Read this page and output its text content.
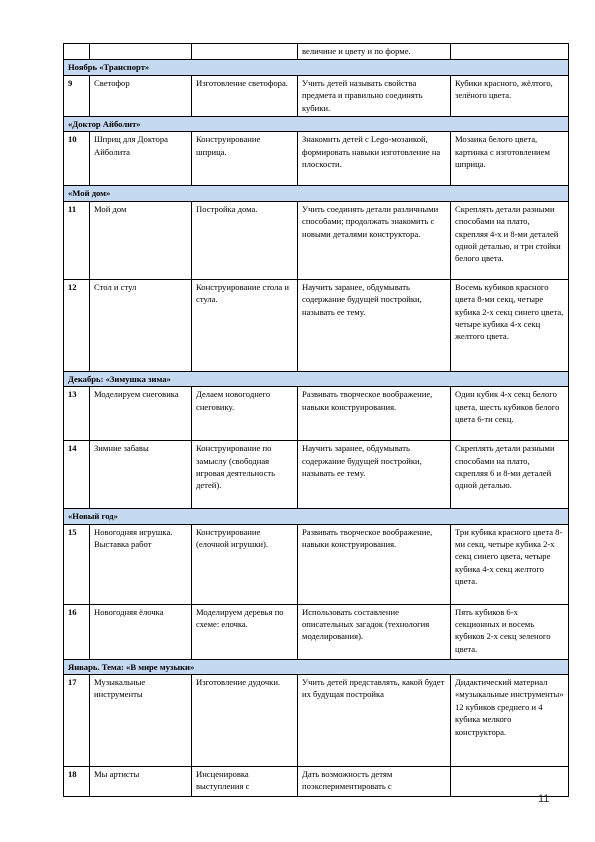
			величине и цвету и по форме.	
Ноябрь «Транспорт»				
9	Светофор	Изготовление светофора.	Учить детей называть свойства предмета и правильно соединять кубики.	Кубики красного, жёлтого, зелёного цвета.
«Доктор Айболит»				
10	Шприц для Доктора Айболита	Конструирование шприца.	Знакомить детей с Lego-мозаикой, формировать навыки изготовление на плоскости.	Мозаика белого цвета, картинка с изготовлением шприца.
«Мой дом»				
11	Мой дом	Постройка дома.	Учить соединять детали различными способами; продолжать знакомить с новыми деталями конструктора.	Скреплять детали разными способами на плато, скрепляя 4-х и 8-ми деталей одной деталью, и три стойки белого цвета.
12	Стол и стул	Конструирование стола и стула.	Научить заранее, обдумывать содержание будущей постройки, называть ее тему.	Восемь кубиков красного цвета 8-ми секц, четыре кубика 2-х секц синего цвета, четыре кубика 4-х секц желтого цвета.
Декабрь: «Зимушка зима»				
13	Моделируем снеговика	Делаем новогоднего снеговику.	Развивать творческое воображение, навыки конструирования.	Один кубик 4-х секц белого цвета, шесть кубиков белого цвета 6-ти секц.
14	Зимние забавы	Конструирование по замыслу (свободная игровая деятельность детей).	Научить заранее, обдумывать содержание будущей постройки, называть ее тему.	Скреплять детали разными способами на плато, скрепляя 6 и 8-ми деталей одной деталью.
«Новый год»				
15	Новогодняя игрушка. Выставка работ	Конструирование (елочной игрушки).	Развивать творческое воображение, навыки конструирования.	Три кубика красного цвета 8-ми секц, четыре кубика 2-х секц синего цвета, четыре кубика 4-х секц желтого цвета.
16	Новогодняя ёлочка	Моделируем деревья по схеме: елочка.	Использовать составление описательных загадок (технология моделирования).	Пять кубиков 6-х секционных и восемь кубиков 2-х секц зеленого цвета.
Январь. Тема: «В мире музыки»				
17	Музыкальные инструменты	Изготовление дудочки.	Учить детей представлять, какой будет их будущая постройка	Дидактический материал «музыкальные инструменты» 12 кубиков среднего и 4 кубика мелкого конструктора.
18	Мы артисты	Инсценировка выступления с	Дать возможность детям поэкспериментировать с	
11
